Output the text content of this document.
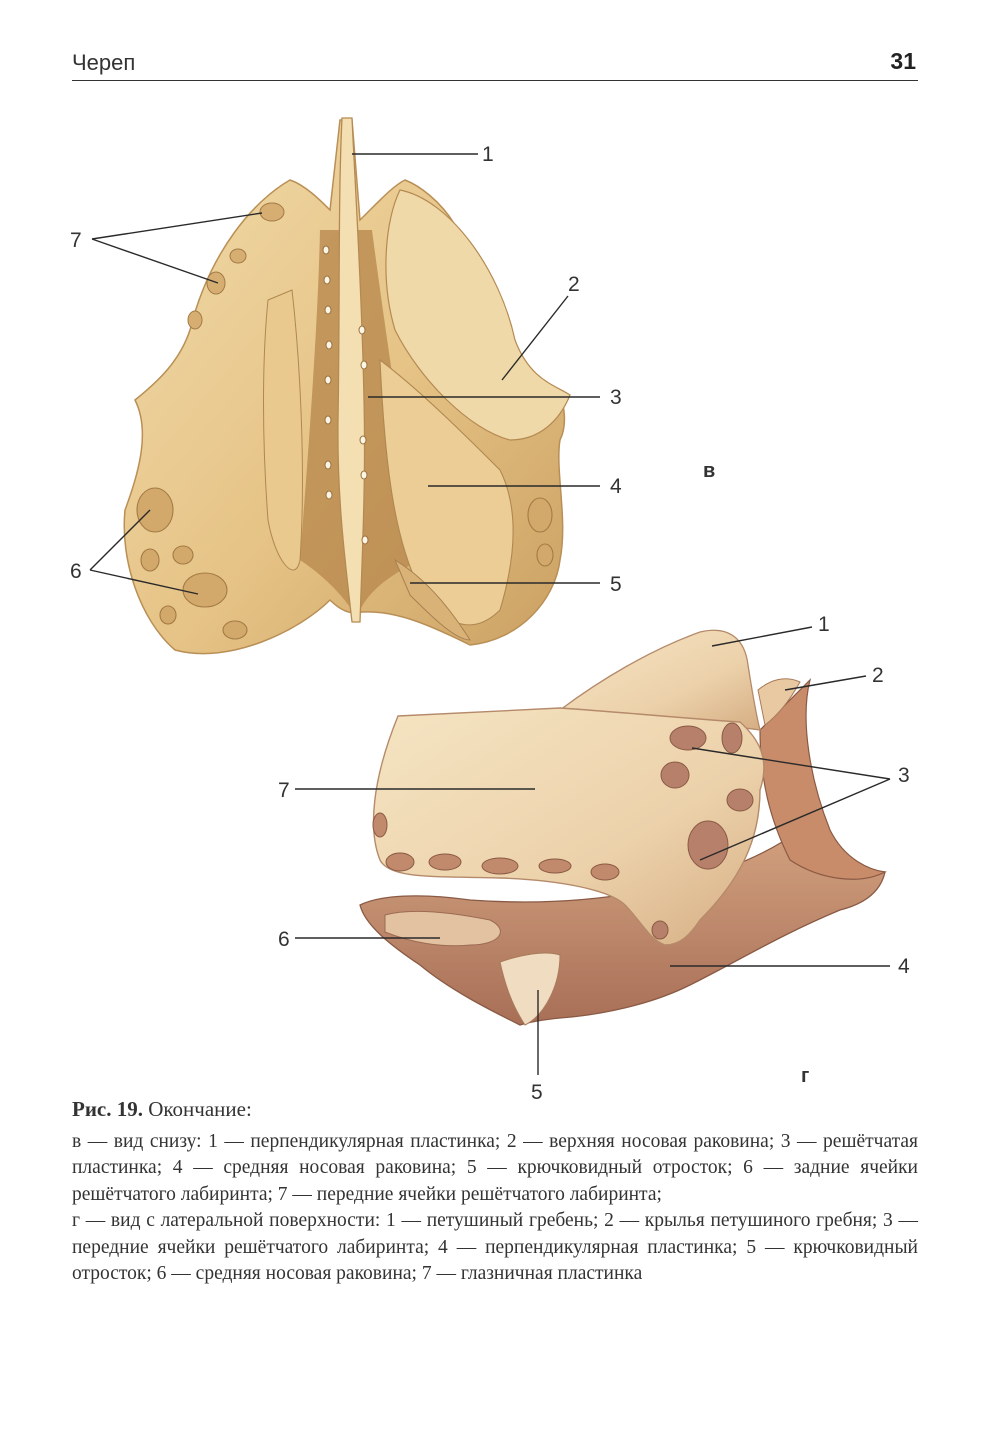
Череп	31
1
2
3
4
5
6
7
в
1
2
3
4
5
6
7
г
Рис. 19. Окончание:

в — вид снизу: 1 — перпендикулярная пластинка; 2 — верхняя носовая раковина; 3 — решётчатая пластинка; 4 — средняя носовая раковина; 5 — крючковидный отросток; 6 — задние ячейки решётчатого лабиринта; 7 — передние ячейки решётчатого лабиринта;

г — вид с латеральной поверхности: 1 — петушиный гребень; 2 — крылья петушиного гребня; 3 — передние ячейки решётчатого лабиринта; 4 — перпендикулярная пластинка; 5 — крючковидный отросток; 6 — средняя носовая раковина; 7 — глазничная пластинка
